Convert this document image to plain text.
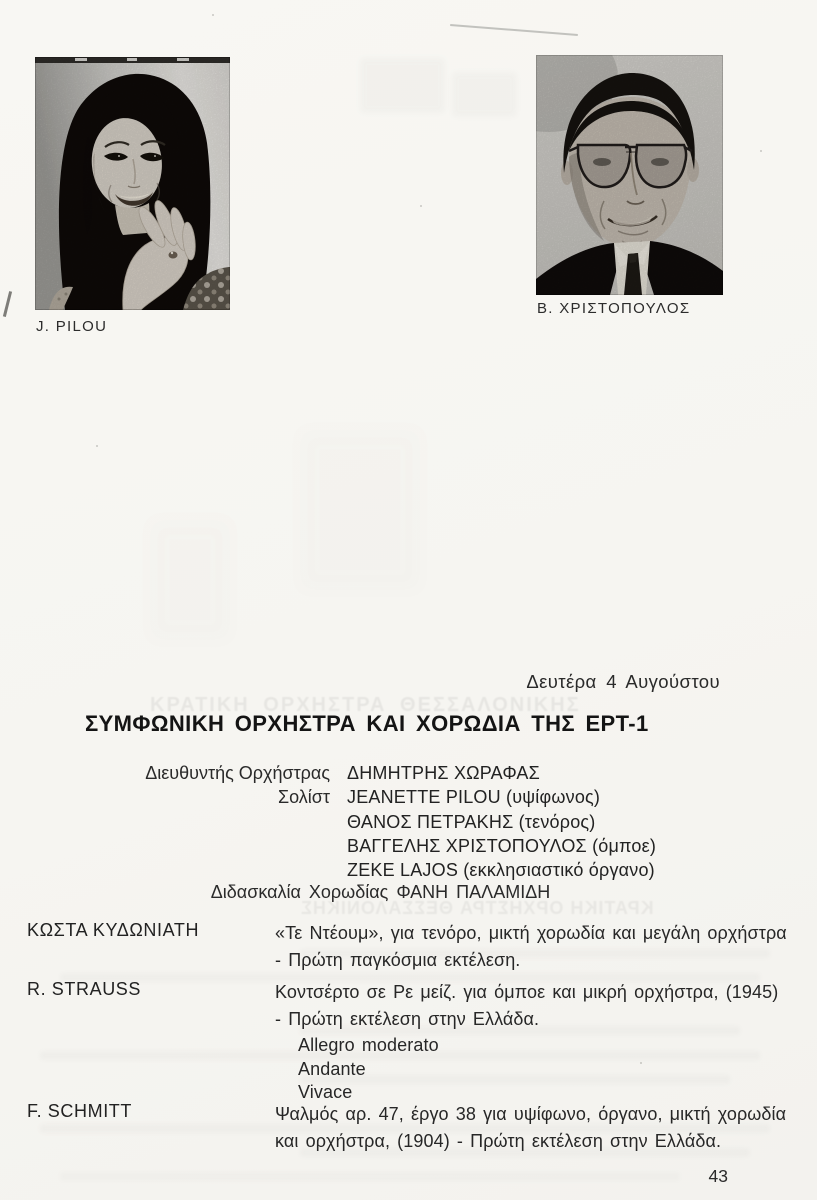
J. PILOU
Β. ΧΡΙΣΤΟΠΟΥΛΟΣ
ΚΡΑΤΙΚΗ ΟΡΧΗΣΤΡΑ ΘΕΣΣΑΛΟΝΙΚΗΣ
ΚΡΑΤΙΚΗ ΟΡΧΗΣΤΡΑ ΘΕΣΣΑΛΟΝΙΚΗΣ
Δευτέρα 4 Αυγούστου
ΣΥΜΦΩΝΙΚΗ ΟΡΧΗΣΤΡΑ ΚΑΙ ΧΟΡΩΔΙΑ ΤΗΣ ΕΡΤ-1
Διευθυντής Ορχήστρας ΔΗΜΗΤΡΗΣ ΧΩΡΑΦΑΣ
Σολίστ JEANETTE PILOU (υψίφωνος)
ΘΑΝΟΣ ΠΕΤΡΑΚΗΣ (τενόρος)
ΒΑΓΓΕΛΗΣ ΧΡΙΣΤΟΠΟΥΛΟΣ (όμποε)
ZEKE LAJOS (εκκλησιαστικό όργανο)
Διδασκαλία Χορωδίας ΦΑΝΗ ΠΑΛΑΜΙΔΗ
ΚΩΣΤΑ ΚΥΔΩΝΙΑΤΗ	«Τε Ντέουμ», για τενόρο, μικτή χορωδία και μεγάλη ορχήστρα - Πρώτη παγκόσμια εκτέλεση.
R. STRAUSS	Κοντσέρτο σε Ρε μείζ. για όμποε και μικρή ορχήστρα, (1945) - Πρώτη εκτέλεση στην Ελλάδα.
Allegro moderato
Andante
Vivace
F. SCHMITT	Ψαλμός αρ. 47, έργο 38 για υψίφωνο, όργανο, μικτή χορωδία και ορχήστρα, (1904) - Πρώτη εκτέλεση στην Ελλάδα.
43
